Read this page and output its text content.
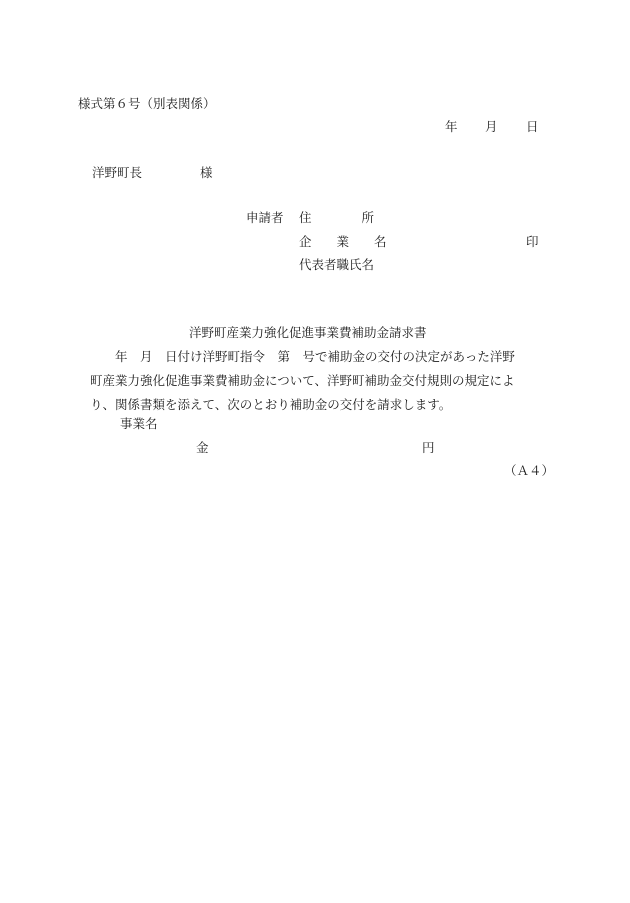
様式第６号（別表関係）
年 月 日
洋野町長	様
申請者 住　　　　所
企　　業　　名	印
代表者職氏名
洋野町産業力強化促進事業費補助金請求書
　　年　月　日付け洋野町指令　第　号で補助金の交付の決定があった洋野
町産業力強化促進事業費補助金について、洋野町補助金交付規則の規定によ
り、関係書類を添えて、次のとおり補助金の交付を請求します。
事業名
金	円
（Ａ４）
